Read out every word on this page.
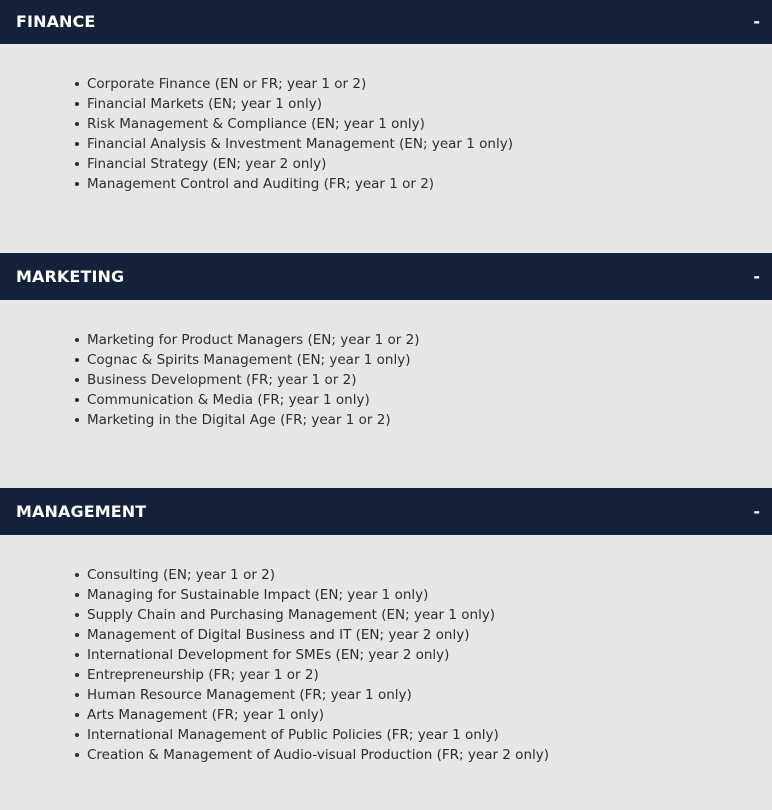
FINANCE	-
Corporate Finance (EN or FR; year 1 or 2)
Financial Markets (EN; year 1 only)
Risk Management & Compliance (EN; year 1 only)
Financial Analysis & Investment Management (EN; year 1 only)
Financial Strategy (EN; year 2 only)
Management Control and Auditing (FR; year 1 or 2)
MARKETING	-
Marketing for Product Managers (EN; year 1 or 2)
Cognac & Spirits Management (EN; year 1 only)
Business Development (FR; year 1 or 2)
Communication & Media (FR; year 1 only)
Marketing in the Digital Age (FR; year 1 or 2)
MANAGEMENT	-
Consulting (EN; year 1 or 2)
Managing for Sustainable Impact (EN; year 1 only)
Supply Chain and Purchasing Management (EN; year 1 only)
Management of Digital Business and IT (EN; year 2 only)
International Development for SMEs (EN; year 2 only)
Entrepreneurship (FR; year 1 or 2)
Human Resource Management (FR; year 1 only)
Arts Management (FR; year 1 only)
International Management of Public Policies (FR; year 1 only)
Creation & Management of Audio-visual Production (FR; year 2 only)
